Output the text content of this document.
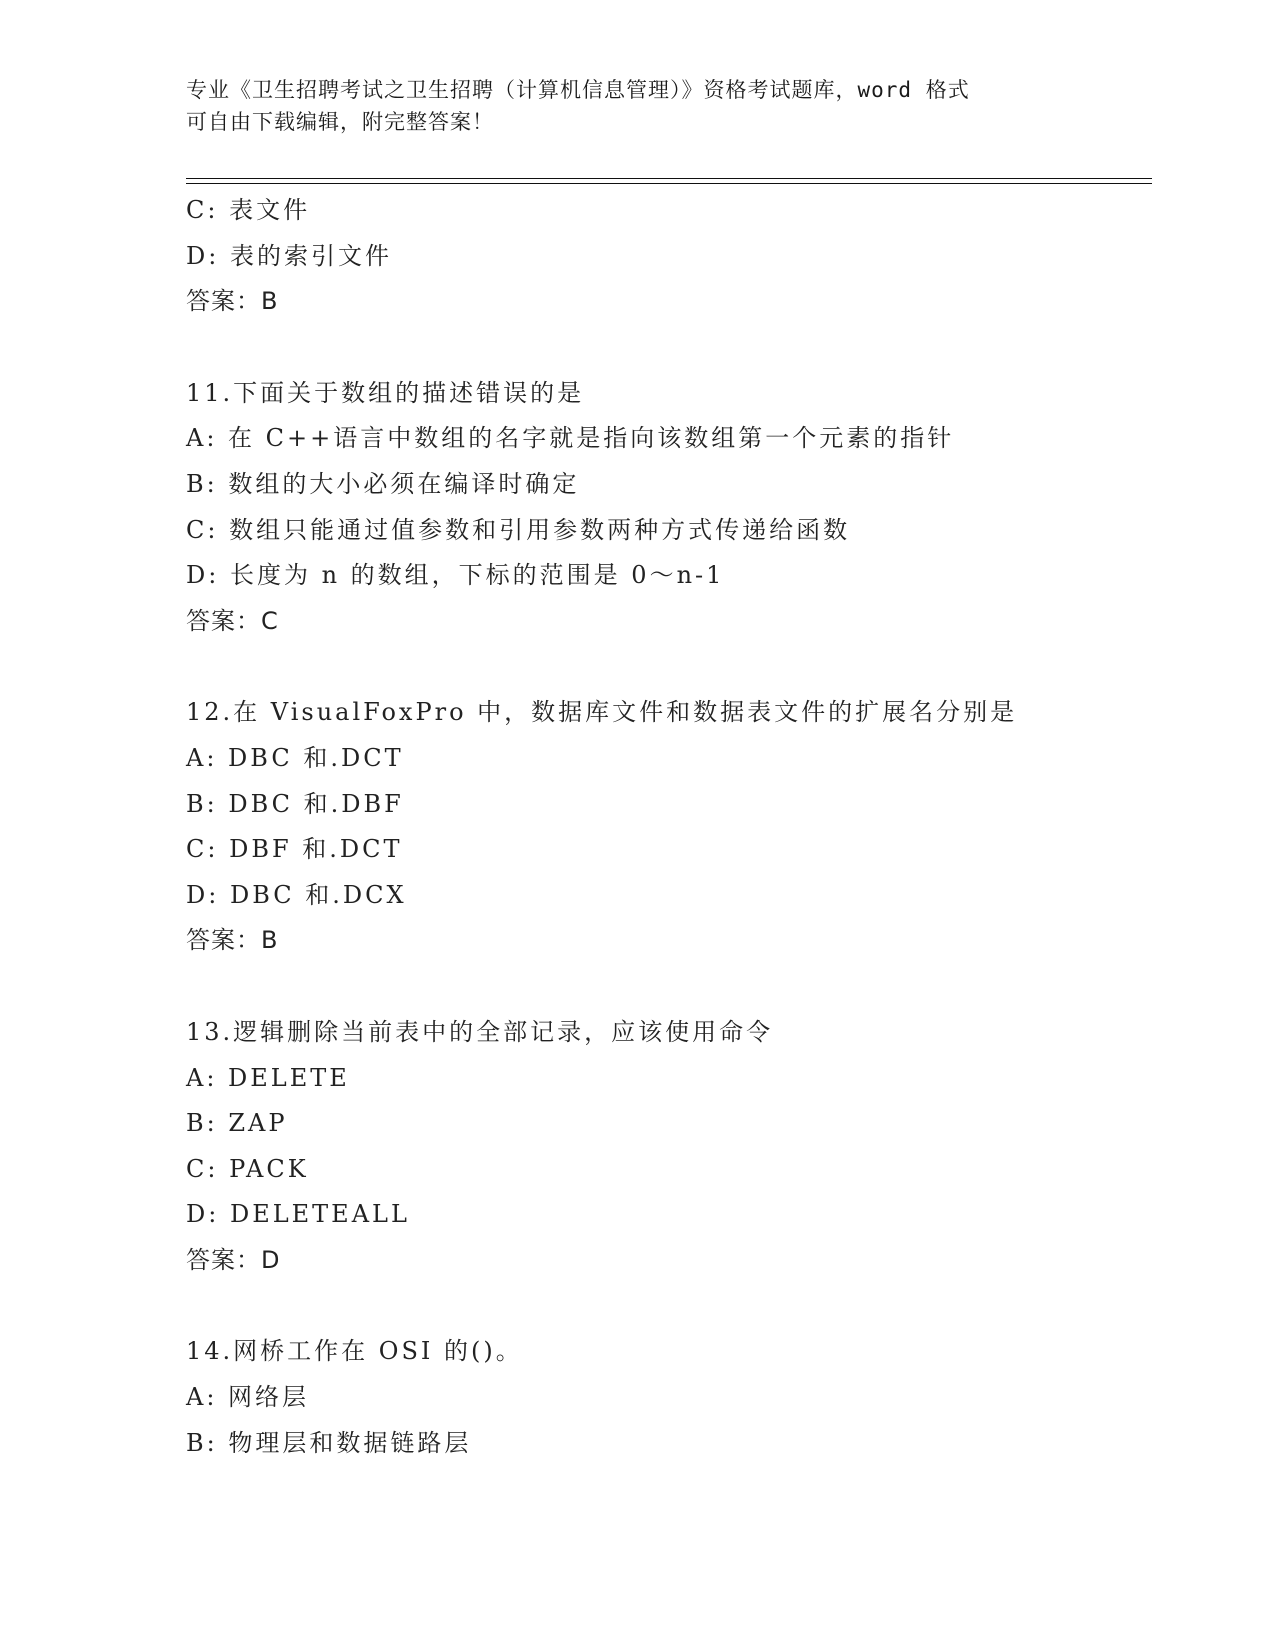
专业《卫生招聘考试之卫生招聘（计算机信息管理）》资格考试题库，word 格式
可自由下载编辑，附完整答案！
C: 表文件
D: 表的索引文件
答案：B
11.下面关于数组的描述错误的是
A: 在 C++语言中数组的名字就是指向该数组第一个元素的指针
B: 数组的大小必须在编译时确定
C: 数组只能通过值参数和引用参数两种方式传递给函数
D: 长度为 n 的数组，下标的范围是 0～n-1
答案：C
12.在 VisualFoxPro 中，数据库文件和数据表文件的扩展名分别是
A: DBC 和.DCT
B: DBC 和.DBF
C: DBF 和.DCT
D: DBC 和.DCX
答案：B
13.逻辑删除当前表中的全部记录，应该使用命令
A: DELETE
B: ZAP
C: PACK
D: DELETEALL
答案：D
14.网桥工作在 OSI 的()。
A: 网络层
B: 物理层和数据链路层
